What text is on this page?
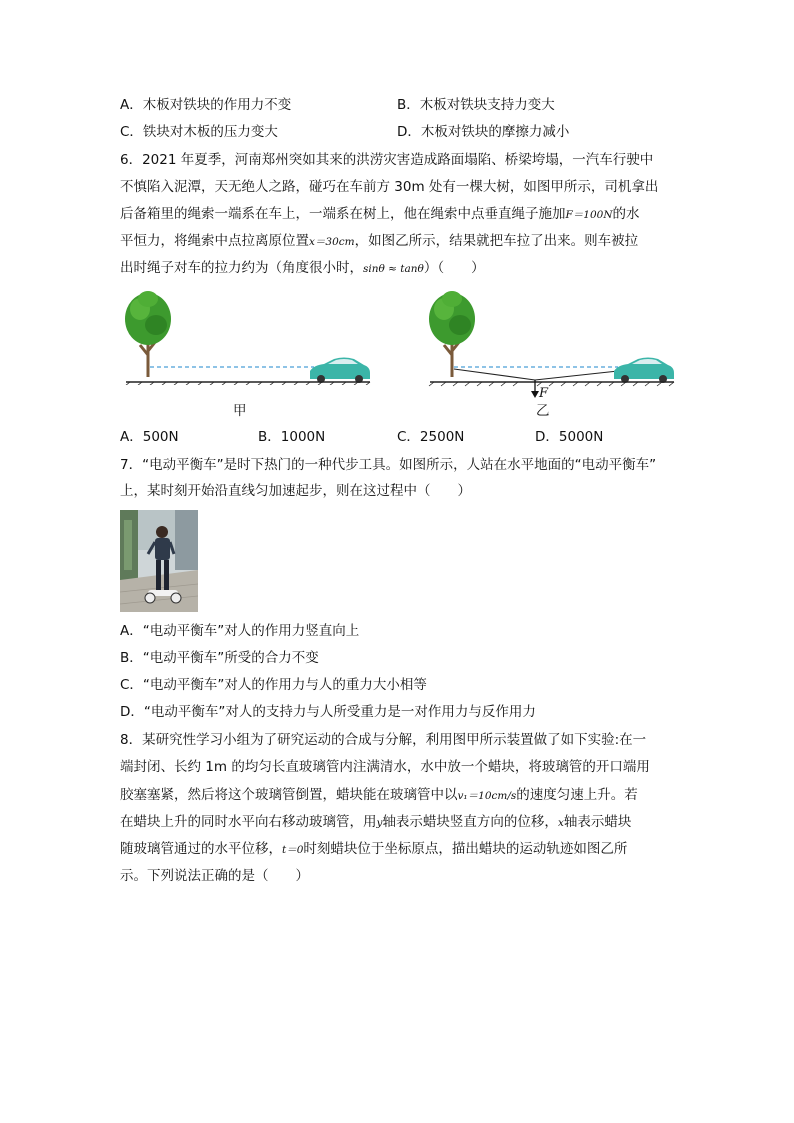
A．木板对铁块的作用力不变	B．木板对铁块支持力变大
C．铁块对木板的压力变大	D．木板对铁块的摩擦力减小
6．2021 年夏季，河南郑州突如其来的洪涝灾害造成路面塌陷、桥梁垮塌，一汽车行驶中
不慎陷入泥潭，天无绝人之路，碰巧在车前方 30m 处有一棵大树，如图甲所示，司机拿出
后备箱里的绳索一端系在车上，一端系在树上，他在绳索中点垂直绳子施加F＝100N的水
平恒力，将绳索中点拉离原位置x＝30cm，如图乙所示，结果就把车拉了出来。则车被拉
出时绳子对车的拉力约为（角度很小时，sinθ ≈ tanθ）（　　）
甲
F
乙
A．500N	B．1000N	C．2500N	D．5000N
7．“电动平衡车”是时下热门的一种代步工具。如图所示，人站在水平地面的“电动平衡车”
上，某时刻开始沿直线匀加速起步，则在这过程中（　　）
A．“电动平衡车”对人的作用力竖直向上
B．“电动平衡车”所受的合力不变
C．“电动平衡车”对人的作用力与人的重力大小相等
D．“电动平衡车”对人的支持力与人所受重力是一对作用力与反作用力
8．某研究性学习小组为了研究运动的合成与分解，利用图甲所示装置做了如下实验:在一
端封闭、长约 1m 的均匀长直玻璃管内注满清水，水中放一个蜡块，将玻璃管的开口端用
胶塞塞紧，然后将这个玻璃管倒置，蜡块能在玻璃管中以v₁＝10cm/s的速度匀速上升。若
在蜡块上升的同时水平向右移动玻璃管，用y轴表示蜡块竖直方向的位移，x轴表示蜡块
随玻璃管通过的水平位移，t＝0时刻蜡块位于坐标原点，描出蜡块的运动轨迹如图乙所
示。下列说法正确的是（　　）
